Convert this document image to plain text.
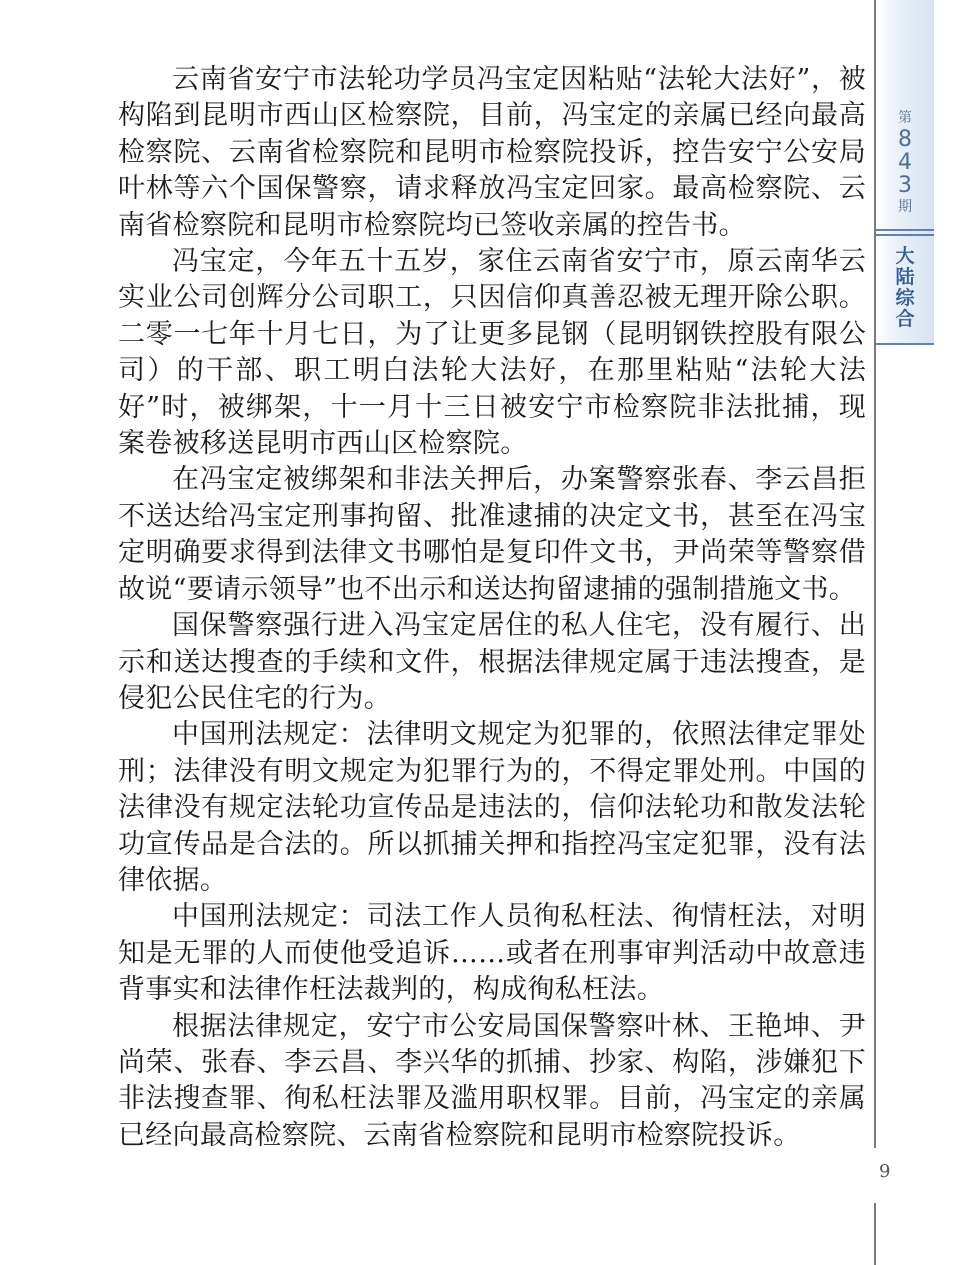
第
8
4
3
期
大
陆
综
合

云南省安宁市法轮功学员冯宝定因粘贴“法轮大法好”，被构陷到昆明市西山区检察院，目前，冯宝定的亲属已经向最高检察院、云南省检察院和昆明市检察院投诉，控告安宁公安局叶林等六个国保警察，请求释放冯宝定回家。最高检察院、云南省检察院和昆明市检察院均已签收亲属的控告书。

冯宝定，今年五十五岁，家住云南省安宁市，原云南华云实业公司创辉分公司职工，只因信仰真善忍被无理开除公职。二零一七年十月七日，为了让更多昆钢（昆明钢铁控股有限公司）的干部、职工明白法轮大法好，在那里粘贴“法轮大法好”时，被绑架，十一月十三日被安宁市检察院非法批捕，现案卷被移送昆明市西山区检察院。

在冯宝定被绑架和非法关押后，办案警察张春、李云昌拒不送达给冯宝定刑事拘留、批准逮捕的决定文书，甚至在冯宝定明确要求得到法律文书哪怕是复印件文书，尹尚荣等警察借故说“要请示领导”也不出示和送达拘留逮捕的强制措施文书。

国保警察强行进入冯宝定居住的私人住宅，没有履行、出示和送达搜查的手续和文件，根据法律规定属于违法搜查，是侵犯公民住宅的行为。

中国刑法规定：法律明文规定为犯罪的，依照法律定罪处刑；法律没有明文规定为犯罪行为的，不得定罪处刑。中国的法律没有规定法轮功宣传品是违法的，信仰法轮功和散发法轮功宣传品是合法的。所以抓捕关押和指控冯宝定犯罪，没有法律依据。

中国刑法规定：司法工作人员徇私枉法、徇情枉法，对明知是无罪的人而使他受追诉……或者在刑事审判活动中故意违背事实和法律作枉法裁判的，构成徇私枉法。

根据法律规定，安宁市公安局国保警察叶林、王艳坤、尹尚荣、张春、李云昌、李兴华的抓捕、抄家、构陷，涉嫌犯下非法搜查罪、徇私枉法罪及滥用职权罪。目前，冯宝定的亲属已经向最高检察院、云南省检察院和昆明市检察院投诉。

9
